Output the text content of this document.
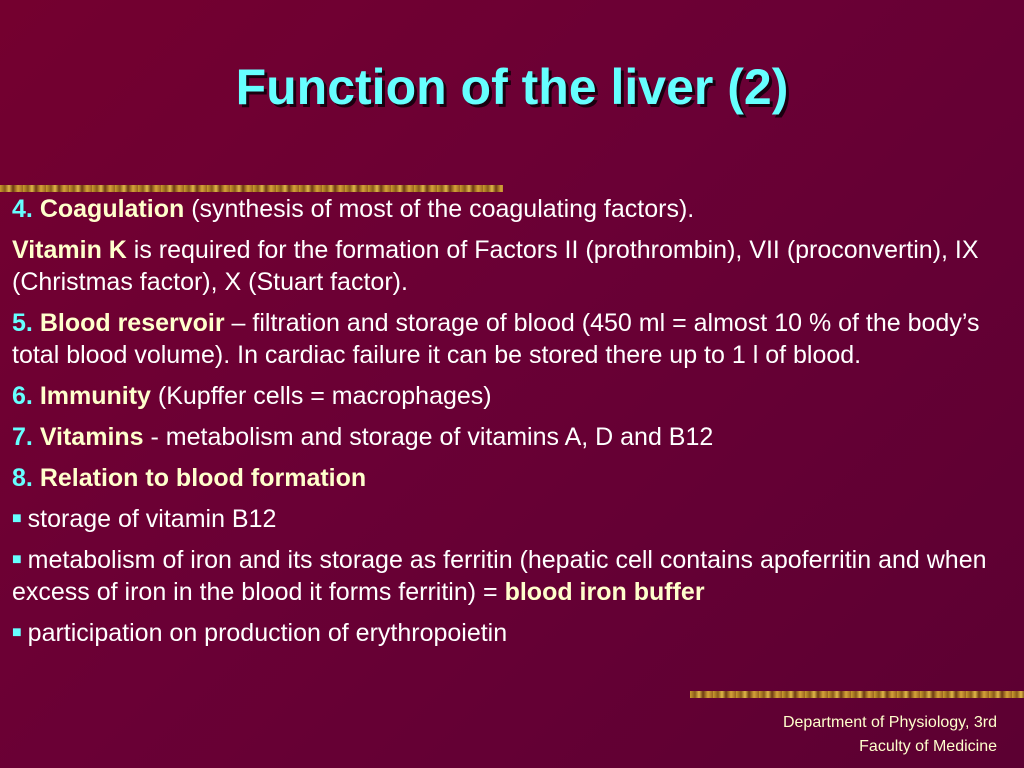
Function of the liver (2)

4. Coagulation (synthesis of most of the coagulating factors).

Vitamin K is required for the formation of Factors II (prothrombin), VII (proconvertin), IX (Christmas factor), X (Stuart factor).

5. Blood reservoir – filtration and storage of blood (450 ml = almost 10 % of the body’s total blood volume). In cardiac failure it can be stored there up to 1 l of blood.

6. Immunity (Kupffer cells = macrophages)

7. Vitamins - metabolism and storage of vitamins A, D and B12

8. Relation to blood formation

■ storage of vitamin B12

■ metabolism of iron and its storage as ferritin (hepatic cell contains apoferritin and when excess of iron in the blood it forms ferritin) = blood iron buffer

■ participation on production of erythropoietin

Department of Physiology, 3rd
Faculty of Medicine
